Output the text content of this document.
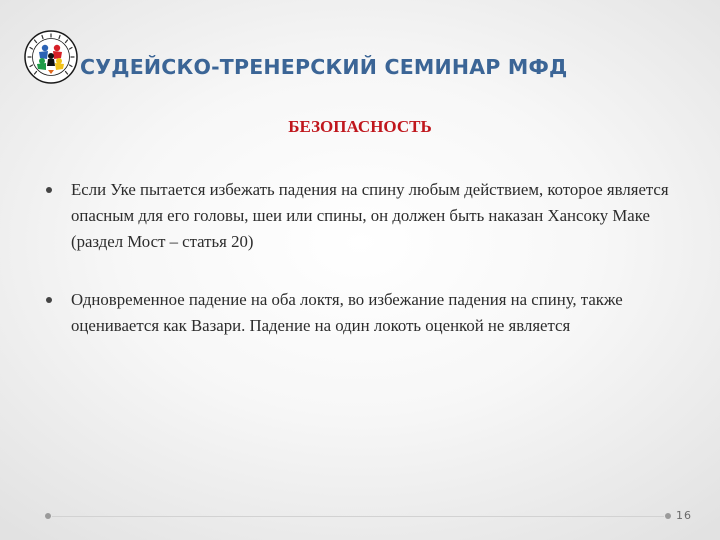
СУДЕЙСКО-ТРЕНЕРСКИЙ СЕМИНАР МФД
БЕЗОПАСНОСТЬ
Если Уке пытается избежать падения на спину любым действием, которое является опасным для его головы, шеи или спины, он должен быть наказан Хансоку Маке (раздел Мост – статья 20)
Одновременное падение на оба локтя, во избежание падения на спину, также оценивается как Вазари. Падение на один локоть оценкой не является
16
